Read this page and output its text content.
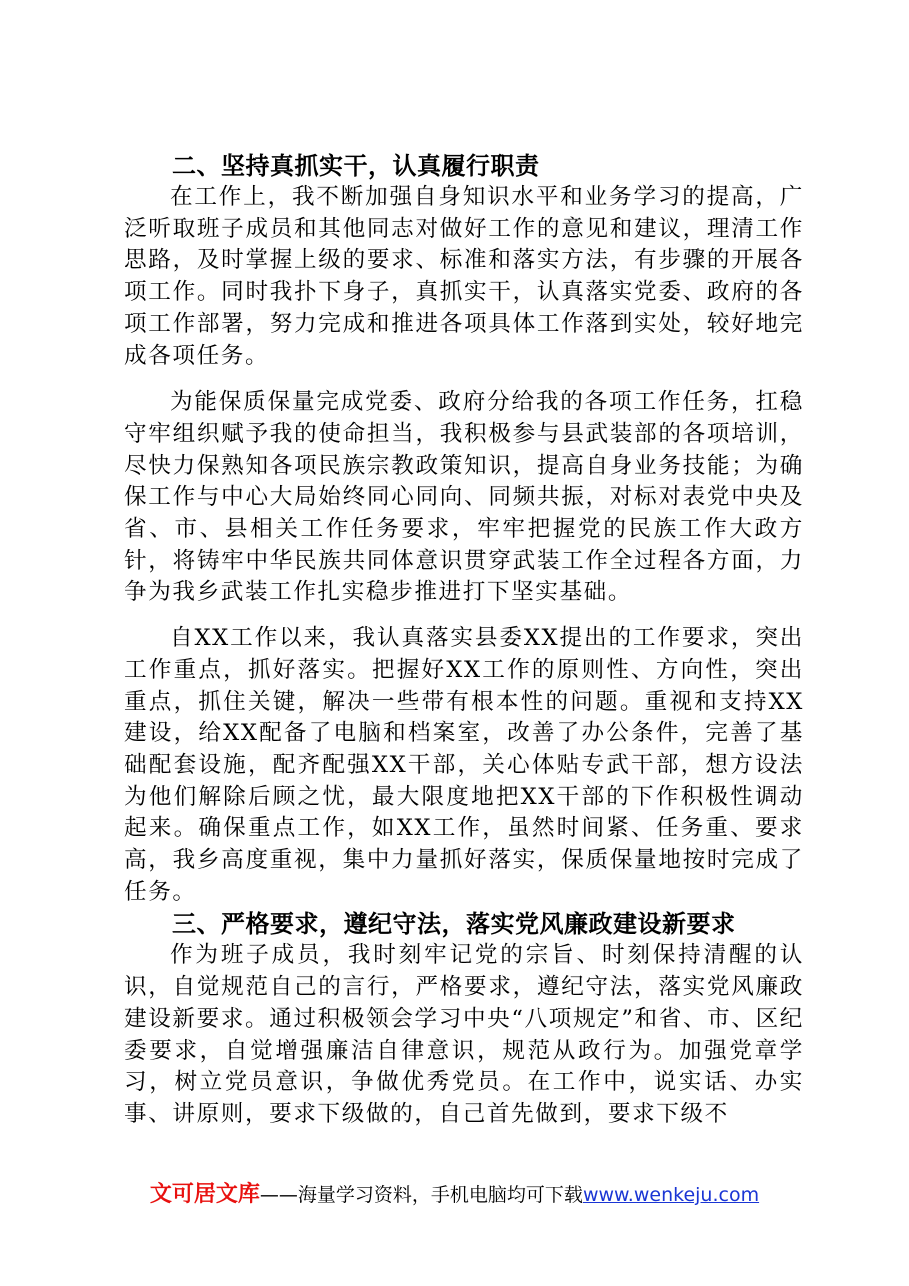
二、坚持真抓实干，认真履行职责

在工作上，我不断加强自身知识水平和业务学习的提高，广泛听取班子成员和其他同志对做好工作的意见和建议，理清工作思路，及时掌握上级的要求、标准和落实方法，有步骤的开展各项工作。同时我扑下身子，真抓实干，认真落实党委、政府的各项工作部署，努力完成和推进各项具体工作落到实处，较好地完成各项任务。

为能保质保量完成党委、政府分给我的各项工作任务，扛稳守牢组织赋予我的使命担当，我积极参与县武装部的各项培训，尽快力保熟知各项民族宗教政策知识，提高自身业务技能；为确保工作与中心大局始终同心同向、同频共振，对标对表党中央及省、市、县相关工作任务要求，牢牢把握党的民族工作大政方针，将铸牢中华民族共同体意识贯穿武装工作全过程各方面，力争为我乡武装工作扎实稳步推进打下坚实基础。

自XX工作以来，我认真落实县委XX提出的工作要求，突出工作重点，抓好落实。把握好XX工作的原则性、方向性，突出重点，抓住关键，解决一些带有根本性的问题。重视和支持XX建设，给XX配备了电脑和档案室，改善了办公条件，完善了基础配套设施，配齐配强XX干部，关心体贴专武干部，想方设法为他们解除后顾之忧，最大限度地把XX干部的下作积极性调动起来。确保重点工作，如XX工作，虽然时间紧、任务重、要求高，我乡高度重视，集中力量抓好落实，保质保量地按时完成了任务。

三、严格要求，遵纪守法，落实党风廉政建设新要求

作为班子成员，我时刻牢记党的宗旨、时刻保持清醒的认识，自觉规范自己的言行，严格要求，遵纪守法，落实党风廉政建设新要求。通过积极领会学习中央“八项规定”和省、市、区纪委要求，自觉增强廉洁自律意识，规范从政行为。加强党章学习，树立党员意识，争做优秀党员。在工作中，说实话、办实事、讲原则，要求下级做的，自己首先做到，要求下级不

文可居文库——海量学习资料，手机电脑均可下载www.wenkeju.com
